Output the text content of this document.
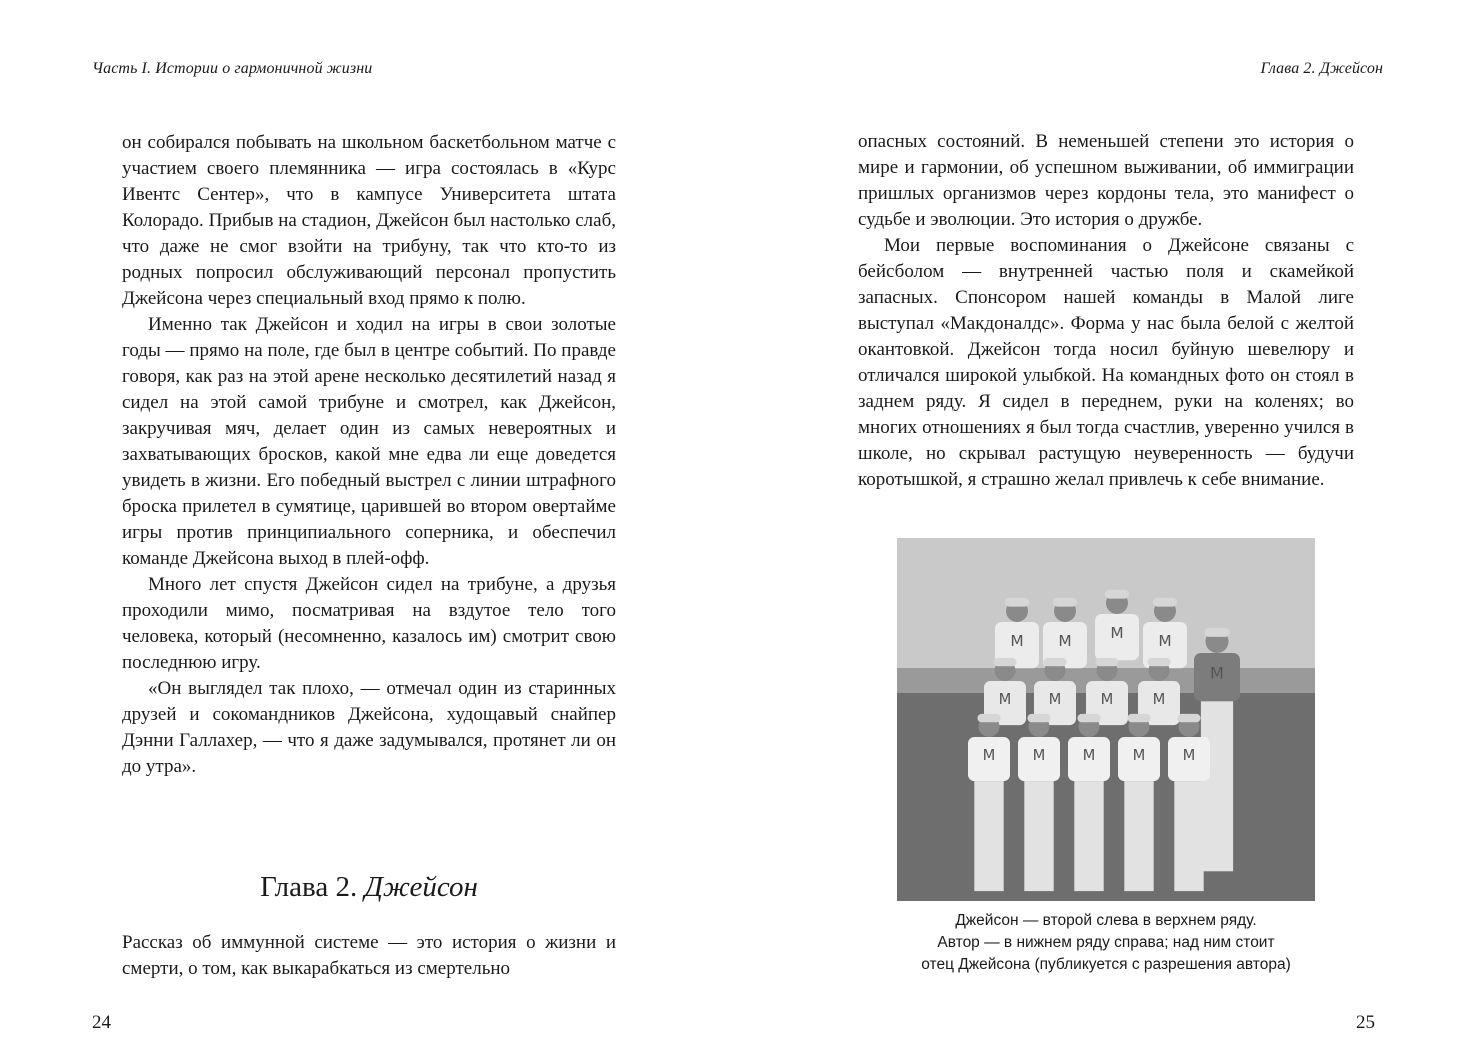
Часть I. Истории о гармоничной жизни

он собирался побывать на школьном баскетбольном матче с участием своего племянника — игра состоялась в «Курс Ивентс Сентер», что в кампусе Университета штата Колорадо. Прибыв на стадион, Джейсон был настолько слаб, что даже не смог взойти на трибуну, так что кто-то из родных попросил обслуживающий персонал пропустить Джейсона через специальный вход прямо к полю.

Именно так Джейсон и ходил на игры в свои золотые годы — прямо на поле, где был в центре событий. По правде говоря, как раз на этой арене несколько десятилетий назад я сидел на этой самой трибуне и смотрел, как Джейсон, закручивая мяч, делает один из самых невероятных и захватывающих бросков, какой мне едва ли еще доведется увидеть в жизни. Его победный выстрел с линии штрафного броска прилетел в сумятице, царившей во втором овертайме игры против принципиального соперника, и обеспечил команде Джейсона выход в плей-офф.

Много лет спустя Джейсон сидел на трибуне, а друзья проходили мимо, посматривая на вздутое тело того человека, который (несомненно, казалось им) смотрит свою последнюю игру.

«Он выглядел так плохо, — отмечал один из старинных друзей и сокомандников Джейсона, худощавый снайпер Дэнни Галлахер, — что я даже задумывался, протянет ли он до утра».

Глава 2. Джейсон

Рассказ об иммунной системе — это история о жизни и смерти, о том, как выкарабкаться из смертельно

24
Глава 2. Джейсон

опасных состояний. В неменьшей степени это история о мире и гармонии, об успешном выживании, об иммиграции пришлых организмов через кордоны тела, это манифест о судьбе и эволюции. Это история о дружбе.

Мои первые воспоминания о Джейсоне связаны с бейсболом — внутренней частью поля и скамейкой запасных. Спонсором нашей команды в Малой лиге выступал «Макдоналдс». Форма у нас была белой с желтой окантовкой. Джейсон тогда носил буйную шевелюру и отличался широкой улыбкой. На командных фото он стоял в заднем ряду. Я сидел в переднем, руки на коленях; во многих отношениях я был тогда счастлив, уверенно учился в школе, но скрывал растущую неуверенность — будучи коротышкой, я страшно желал привлечь к себе внимание.

M M	M M
M
M	M	M	M
M	M	M	M	M
Джейсон — второй слева в верхнем ряду.
Автор — в нижнем ряду справа; над ним стоит
отец Джейсона (публикуется с разрешения автора)
25
